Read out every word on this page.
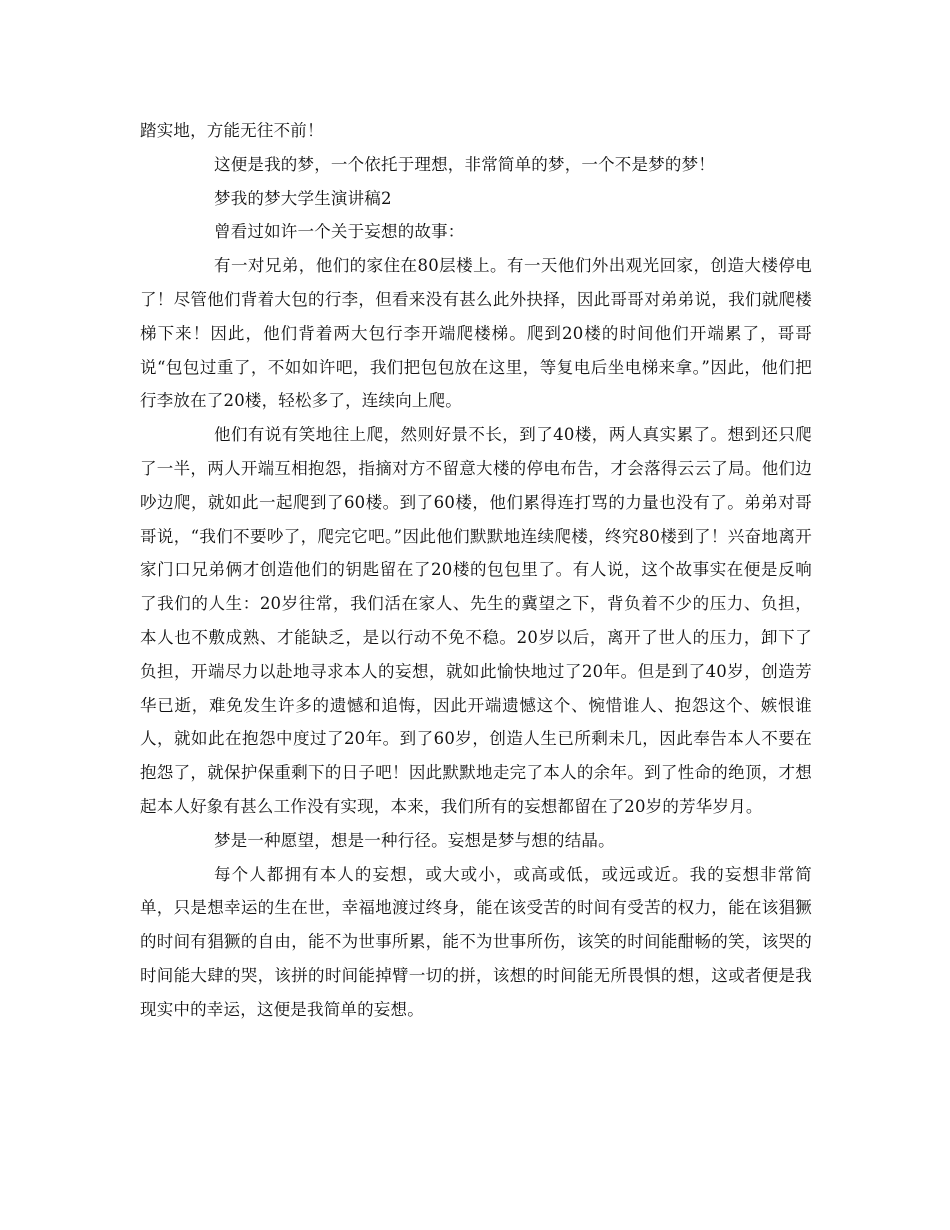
踏实地，方能无往不前！

这便是我的梦，一个依托于理想，非常简单的梦，一个不是梦的梦！

梦我的梦大学生演讲稿2

曾看过如许一个关于妄想的故事：

有一对兄弟，他们的家住在80层楼上。有一天他们外出观光回家，创造大楼停电了！尽管他们背着大包的行李，但看来没有甚么此外抉择，因此哥哥对弟弟说，我们就爬楼梯下来！因此，他们背着两大包行李开端爬楼梯。爬到20楼的时间他们开端累了，哥哥说“包包过重了，不如如许吧，我们把包包放在这里，等复电后坐电梯来拿。”因此，他们把行李放在了20楼，轻松多了，连续向上爬。

他们有说有笑地往上爬，然则好景不长，到了40楼，两人真实累了。想到还只爬了一半，两人开端互相抱怨，指摘对方不留意大楼的停电布告，才会落得云云了局。他们边吵边爬，就如此一起爬到了60楼。到了60楼，他们累得连打骂的力量也没有了。弟弟对哥哥说，“我们不要吵了，爬完它吧。”因此他们默默地连续爬楼，终究80楼到了！兴奋地离开家门口兄弟俩才创造他们的钥匙留在了20楼的包包里了。有人说，这个故事实在便是反响了我们的人生：20岁往常，我们活在家人、先生的冀望之下，背负着不少的压力、负担，本人也不敷成熟、才能缺乏，是以行动不免不稳。20岁以后，离开了世人的压力，卸下了负担，开端尽力以赴地寻求本人的妄想，就如此愉快地过了20年。但是到了40岁，创造芳华已逝，难免发生许多的遗憾和追悔，因此开端遗憾这个、惋惜谁人、抱怨这个、嫉恨谁人，就如此在抱怨中度过了20年。到了60岁，创造人生已所剩未几，因此奉告本人不要在抱怨了，就保护保重剩下的日子吧！因此默默地走完了本人的余年。到了性命的绝顶，才想起本人好象有甚么工作没有实现，本来，我们所有的妄想都留在了20岁的芳华岁月。

梦是一种愿望，想是一种行径。妄想是梦与想的结晶。

每个人都拥有本人的妄想，或大或小，或高或低，或远或近。我的妄想非常简单，只是想幸运的生在世，幸福地渡过终身，能在该受苦的时间有受苦的权力，能在该猖獗的时间有猖獗的自由，能不为世事所累，能不为世事所伤，该笑的时间能酣畅的笑，该哭的时间能大肆的哭，该拼的时间能掉臂一切的拼，该想的时间能无所畏惧的想，这或者便是我现实中的幸运，这便是我简单的妄想。
